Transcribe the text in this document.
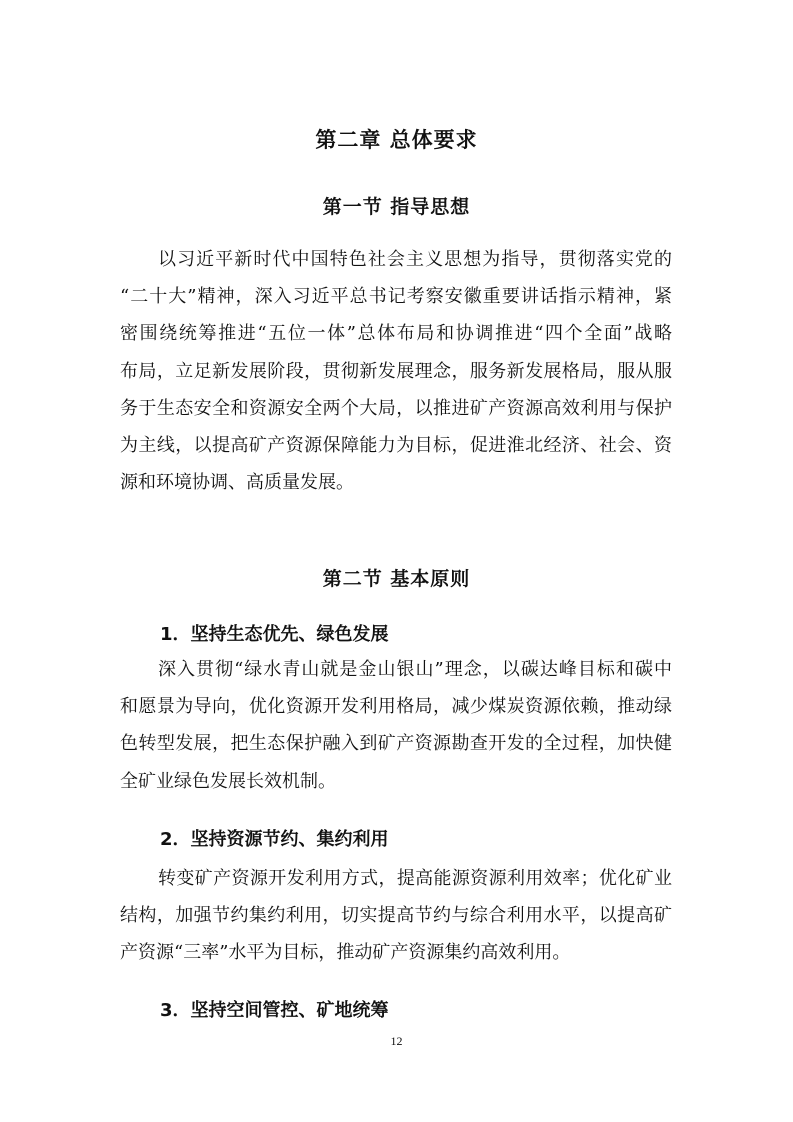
第二章 总体要求
第一节 指导思想
以习近平新时代中国特色社会主义思想为指导，贯彻落实党的
“二十大”精神，深入习近平总书记考察安徽重要讲话指示精神，紧
密围绕统筹推进“五位一体”总体布局和协调推进“四个全面”战略
布局，立足新发展阶段，贯彻新发展理念，服务新发展格局，服从服
务于生态安全和资源安全两个大局，以推进矿产资源高效利用与保护
为主线，以提高矿产资源保障能力为目标，促进淮北经济、社会、资
源和环境协调、高质量发展。
第二节 基本原则
1．坚持生态优先、绿色发展
深入贯彻“绿水青山就是金山银山”理念，以碳达峰目标和碳中
和愿景为导向，优化资源开发利用格局，减少煤炭资源依赖，推动绿
色转型发展，把生态保护融入到矿产资源勘查开发的全过程，加快健
全矿业绿色发展长效机制。
2．坚持资源节约、集约利用
转变矿产资源开发利用方式，提高能源资源利用效率；优化矿业
结构，加强节约集约利用，切实提高节约与综合利用水平，以提高矿
产资源“三率”水平为目标，推动矿产资源集约高效利用。
3．坚持空间管控、矿地统筹
12
